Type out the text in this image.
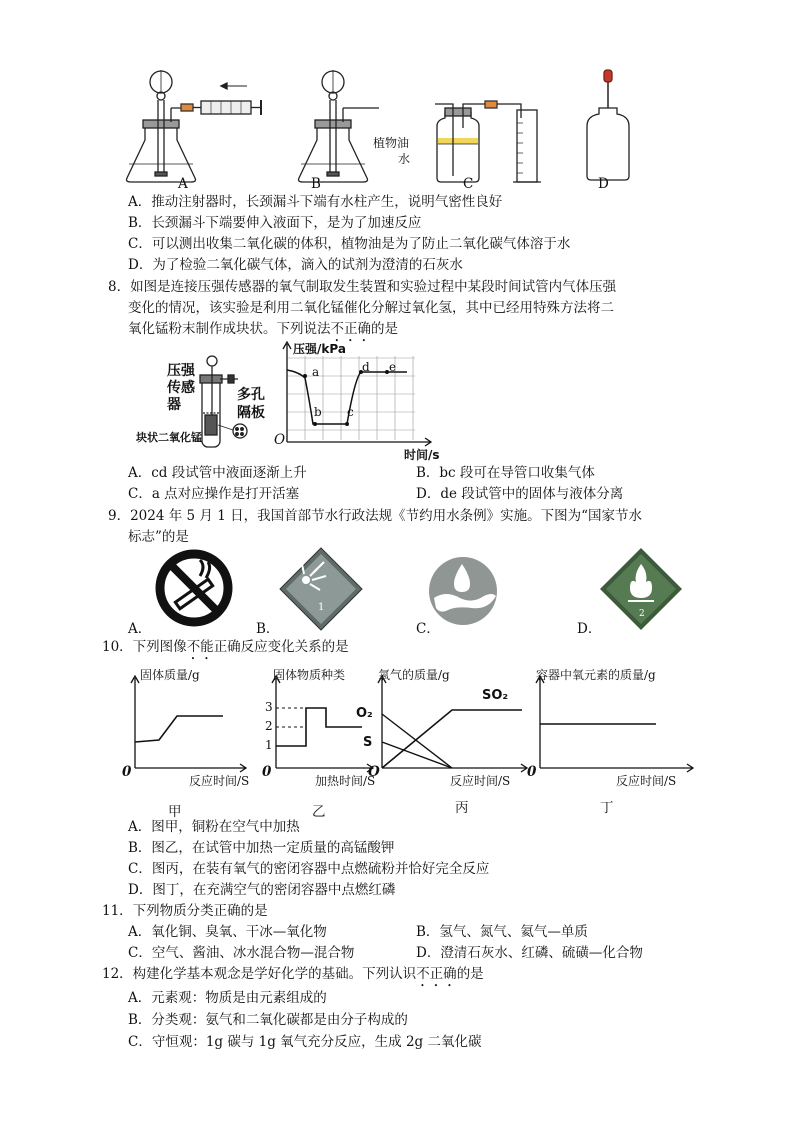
A	B	C	D
植物油
水
A．推动注射器时，长颈漏斗下端有水柱产生，说明气密性良好
B．长颈漏斗下端要伸入液面下，是为了加速反应
C．可以测出收集二氧化碳的体积，植物油是为了防止二氧化碳气体溶于水
D．为了检验二氧化碳气体，滴入的试剂为澄清的石灰水
8．如图是连接压强传感器的氧气制取发生装置和实验过程中某段时间试管内气体压强
变化的情况，该实验是利用二氧化锰催化分解过氧化氢，其中已经用特殊方法将二
氧化锰粉末制作成块状。下列说法不正确的是
压强
传感
器
多孔
隔板
块状二氧化锰
压强/kPa
时间/s
O
a
b c
d e
A．cd 段试管中液面逐渐上升	B．bc 段可在导管口收集气体
C．a 点对应操作是打开活塞	D．de 段试管中的固体与液体分离
9．2024 年 5 月 1 日，我国首部节水行政法规《节约用水条例》实施。下图为“国家节水
标志”的是
1
2
A．	B．	C．	D．
10．下列图像不能正确反应变化关系的是
固体质量/g
反应时间/S
0
甲
固体物质种类
3
2
1
加热时间/S
0
乙
氧气的质量/g
SO₂
O₂
S
反应时间/S
O
丙
容器中氧元素的质量/g
反应时间/S
0
丁
A．图甲，铜粉在空气中加热
B．图乙，在试管中加热一定质量的高锰酸钾
C．图丙，在装有氧气的密闭容器中点燃硫粉并恰好完全反应
D．图丁，在充满空气的密闭容器中点燃红磷
11．下列物质分类正确的是
A．氧化铜、臭氧、干冰—氧化物	B．氢气、氮气、氦气—单质
C．空气、酱油、冰水混合物—混合物	D．澄清石灰水、红磷、硫磺—化合物
12．构建化学基本观念是学好化学的基础。下列认识不正确的是
A．元素观：物质是由元素组成的
B．分类观：氨气和二氧化碳都是由分子构成的
C．守恒观：1g 碳与 1g 氧气充分反应，生成 2g 二氧化碳
